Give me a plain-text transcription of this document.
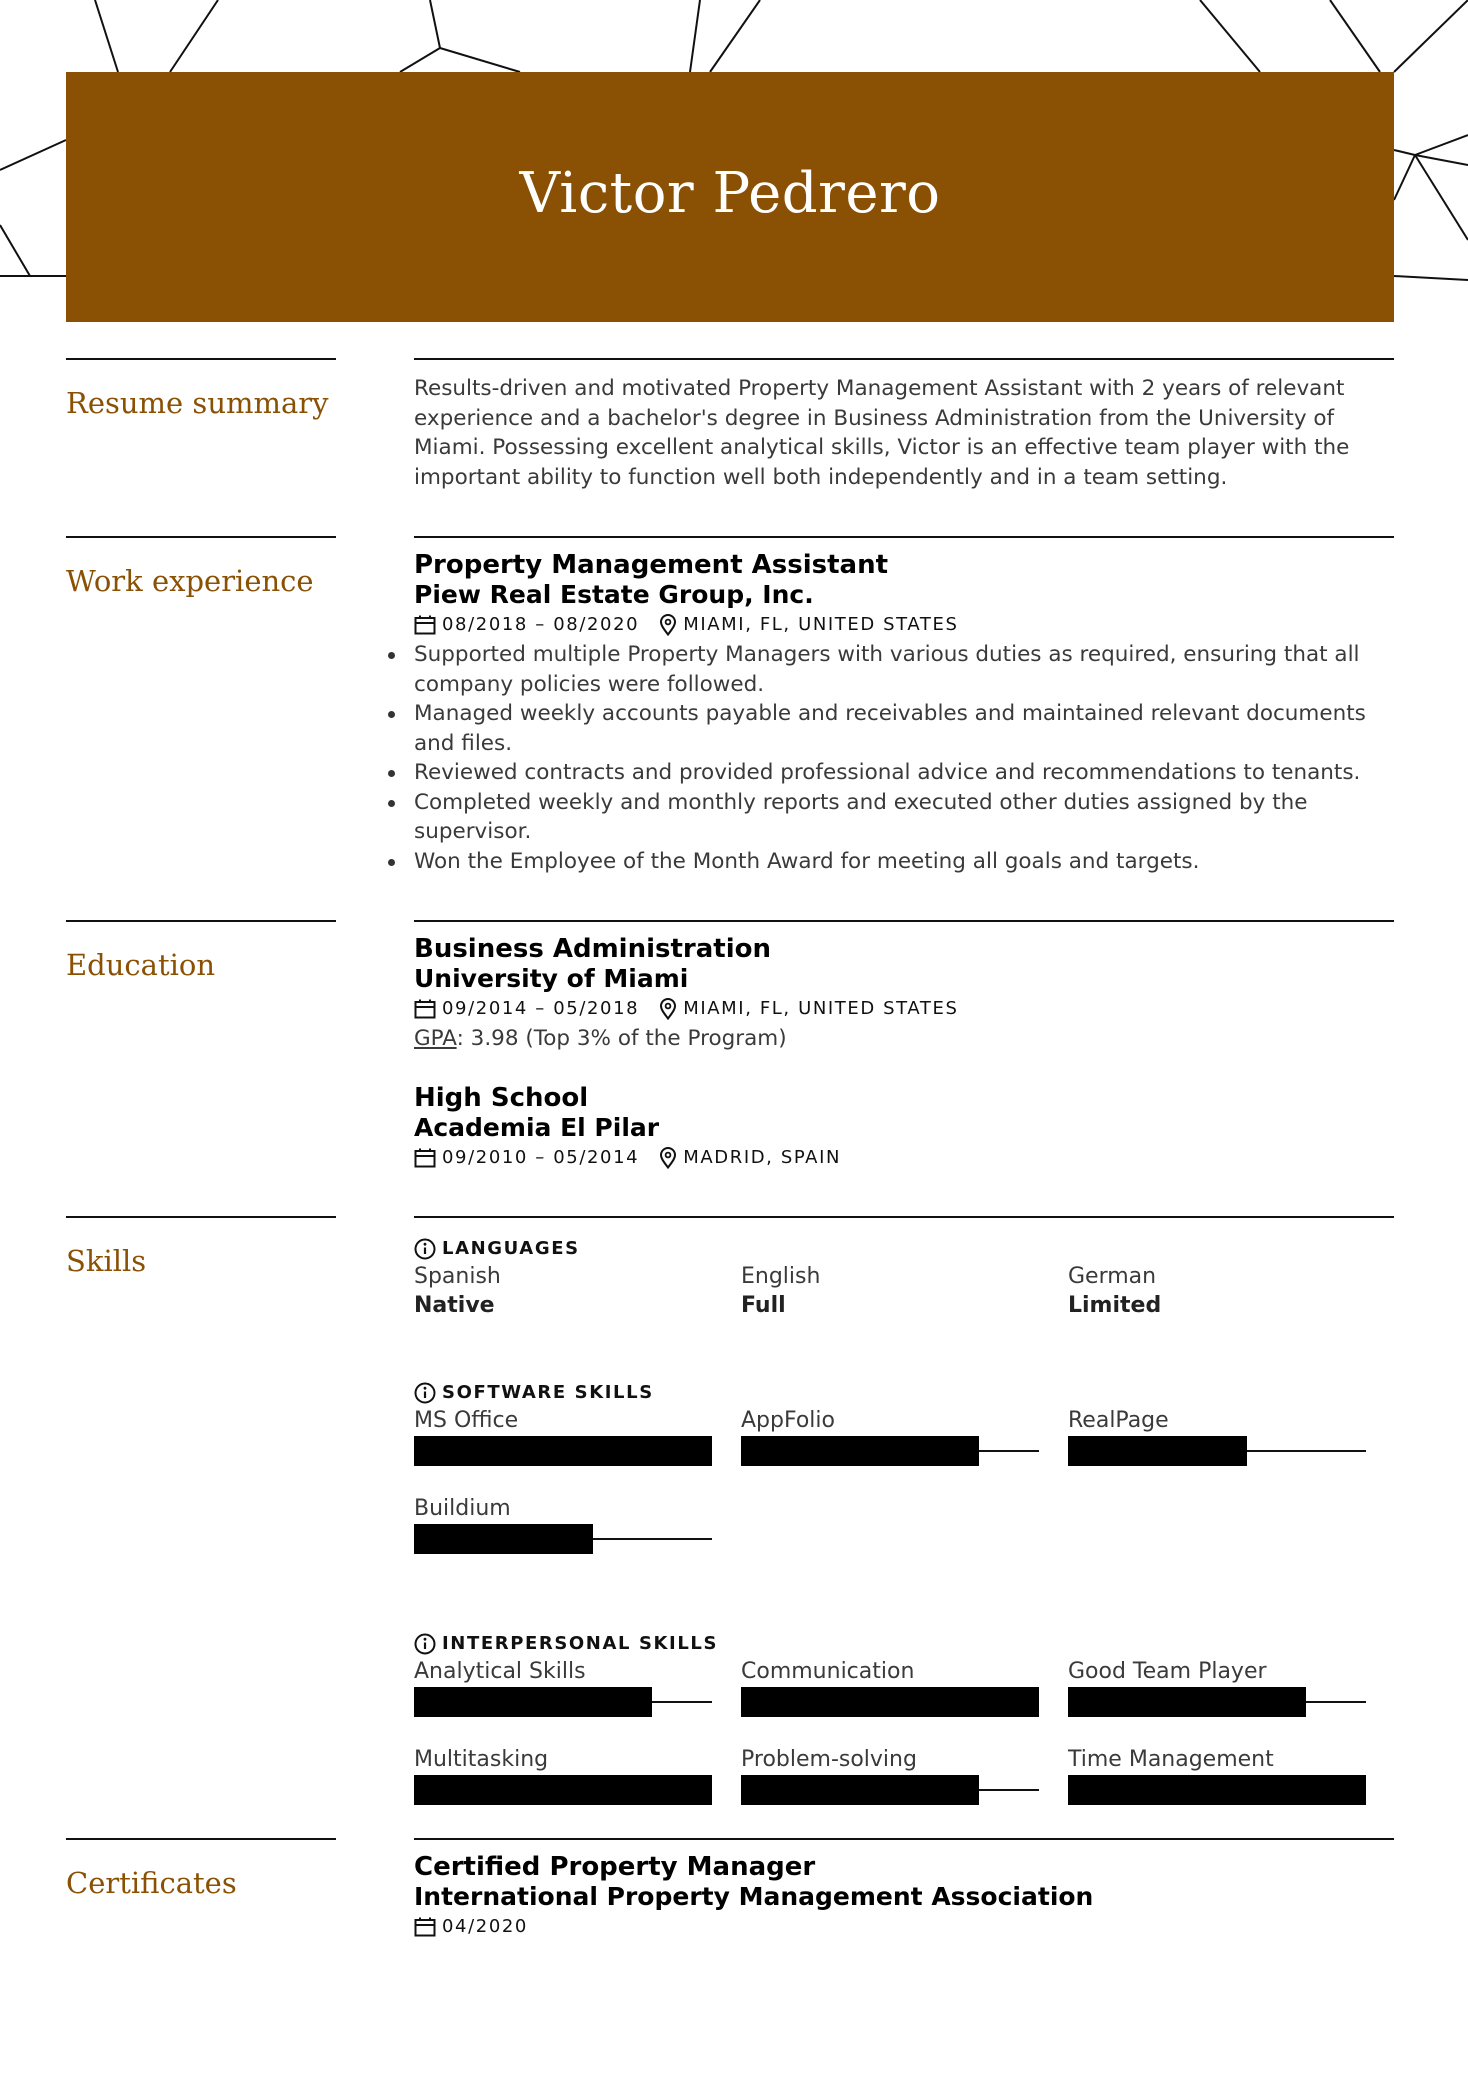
Victor Pedrero
Resume summary	Results-driven and motivated Property Management Assistant with 2 years of relevant experience and a bachelor's degree in Business Administration from the University of Miami. Possessing excellent analytical skills, Victor is an effective team player with the important ability to function well both independently and in a team setting.

Work experience	Property Management Assistant
Piew Real Estate Group, Inc.
08/2018 – 08/2020 MIAMI, FL, UNITED STATES
Supported multiple Property Managers with various duties as required, ensuring that all company policies were followed.
Managed weekly accounts payable and receivables and maintained relevant documents and files.
Reviewed contracts and provided professional advice and recommendations to tenants.
Completed weekly and monthly reports and executed other duties assigned by the supervisor.
Won the Employee of the Month Award for meeting all goals and targets.
Education	Business Administration
University of Miami
09/2014 – 05/2018 MIAMI, FL, UNITED STATES
GPA: 3.98 (Top 3% of the Program)
High School
Academia El Pilar
09/2010 – 05/2014 MADRID, SPAIN
Skills	LANGUAGES
Spanish
Native
English
Full
German
Limited
SOFTWARE SKILLS
MS Office	AppFolio	RealPage
Buildium
INTERPERSONAL SKILLS
Analytical Skills	Communication	Good Team Player
Multitasking	Problem-solving	Time Management
Certificates	Certified Property Manager
International Property Management Association
04/2020
